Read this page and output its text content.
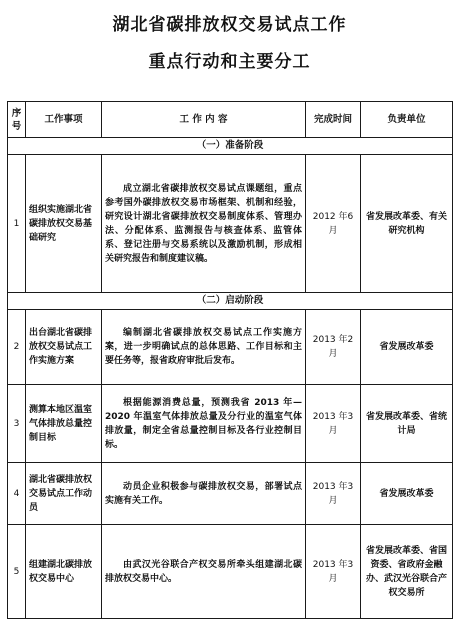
湖北省碳排放权交易试点工作
重点行动和主要分工
序号	工作事项	工 作 内 容	完成时间	负责单位
（一）准备阶段				
1	组织实施湖北省碳排放权交易基础研究	成立湖北省碳排放权交易试点课题组，重点参考国外碳排放权交易市场框架、机制和经验，研究设计湖北省碳排放权交易制度体系、管理办法、分配体系、监测报告与核查体系、监管体系、登记注册与交易系统以及激励机制，形成相关研究报告和制度建议稿。	2012 年6 月	省发展改革委、有关研究机构
（二）启动阶段				
2	出台湖北省碳排放权交易试点工作实施方案	编制湖北省碳排放权交易试点工作实施方案，进一步明确试点的总体思路、工作目标和主要任务等，报省政府审批后发布。	2013 年2 月	省发展改革委
3	测算本地区温室气体排放总量控制目标	根据能源消费总量，预测我省 2013 年—2020 年温室气体排放总量及分行业的温室气体排放量，制定全省总量控制目标及各行业控制目标。	2013 年3 月	省发展改革委、省统计局
4	湖北省碳排放权交易试点工作动员	动员企业积极参与碳排放权交易，部署试点实施有关工作。	2013 年3 月	省发展改革委
5	组建湖北碳排放权交易中心	由武汉光谷联合产权交易所牵头组建湖北碳排放权交易中心。	2013 年3 月	省发展改革委、省国资委、省政府金融办、武汉光谷联合产权交易所
